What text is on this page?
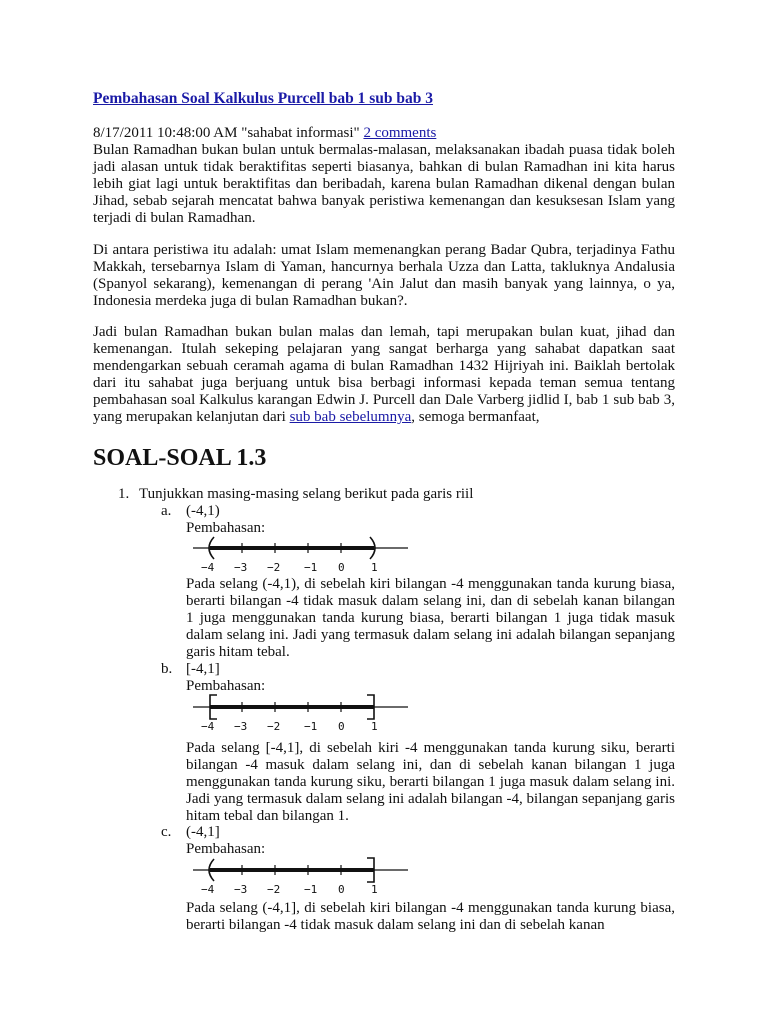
Pembahasan Soal Kalkulus Purcell bab 1 sub bab 3
8/17/2011 10:48:00 AM "sahabat informasi" 2 comments
Bulan Ramadhan bukan bulan untuk bermalas-malasan, melaksanakan ibadah puasa tidak boleh jadi alasan untuk tidak beraktifitas seperti biasanya, bahkan di bulan Ramadhan ini kita harus lebih giat lagi untuk beraktifitas dan beribadah, karena bulan Ramadhan dikenal dengan bulan Jihad, sebab sejarah mencatat bahwa banyak peristiwa kemenangan dan kesuksesan Islam yang terjadi di bulan Ramadhan.
Di antara peristiwa itu adalah: umat Islam memenangkan perang Badar Qubra, terjadinya Fathu Makkah, tersebarnya Islam di Yaman, hancurnya berhala Uzza dan Latta, takluknya Andalusia (Spanyol sekarang), kemenangan di perang 'Ain Jalut dan masih banyak yang lainnya, o ya, Indonesia merdeka juga di bulan Ramadhan bukan?.
Jadi bulan Ramadhan bukan bulan malas dan lemah, tapi merupakan bulan kuat, jihad dan kemenangan. Itulah sekeping pelajaran yang sangat berharga yang sahabat dapatkan saat mendengarkan sebuah ceramah agama di bulan Ramadhan 1432 Hijriyah ini. Baiklah bertolak dari itu sahabat juga berjuang untuk bisa berbagi informasi kepada teman semua tentang pembahasan soal Kalkulus karangan Edwin J. Purcell dan Dale Varberg jidlid I, bab 1 sub bab 3, yang merupakan kelanjutan dari sub bab sebelumnya, semoga bermanfaat,
SOAL-SOAL 1.3
1. Tunjukkan masing-masing selang berikut pada garis riil
a. (-4,1)
Pembahasan:
−4 −3 −2 −1 0 1
Pada selang (-4,1), di sebelah kiri bilangan -4 menggunakan tanda kurung biasa, berarti bilangan -4 tidak masuk dalam selang ini, dan di sebelah kanan bilangan 1 juga menggunakan tanda kurung biasa, berarti bilangan 1 juga tidak masuk dalam selang ini. Jadi yang termasuk dalam selang ini adalah bilangan sepanjang garis hitam tebal.
b. [-4,1]
Pembahasan:
−4 −3 −2 −1 0 1
Pada selang [-4,1], di sebelah kiri -4 menggunakan tanda kurung siku, berarti bilangan -4 masuk dalam selang ini, dan di sebelah kanan bilangan 1 juga menggunakan tanda kurung siku, berarti bilangan 1 juga masuk dalam selang ini. Jadi yang termasuk dalam selang ini adalah bilangan -4, bilangan sepanjang garis hitam tebal dan bilangan 1.
c. (-4,1]
Pembahasan:
−4 −3 −2 −1 0 1
Pada selang (-4,1], di sebelah kiri bilangan -4 menggunakan tanda kurung biasa, berarti bilangan -4 tidak masuk dalam selang ini dan di sebelah kanan
